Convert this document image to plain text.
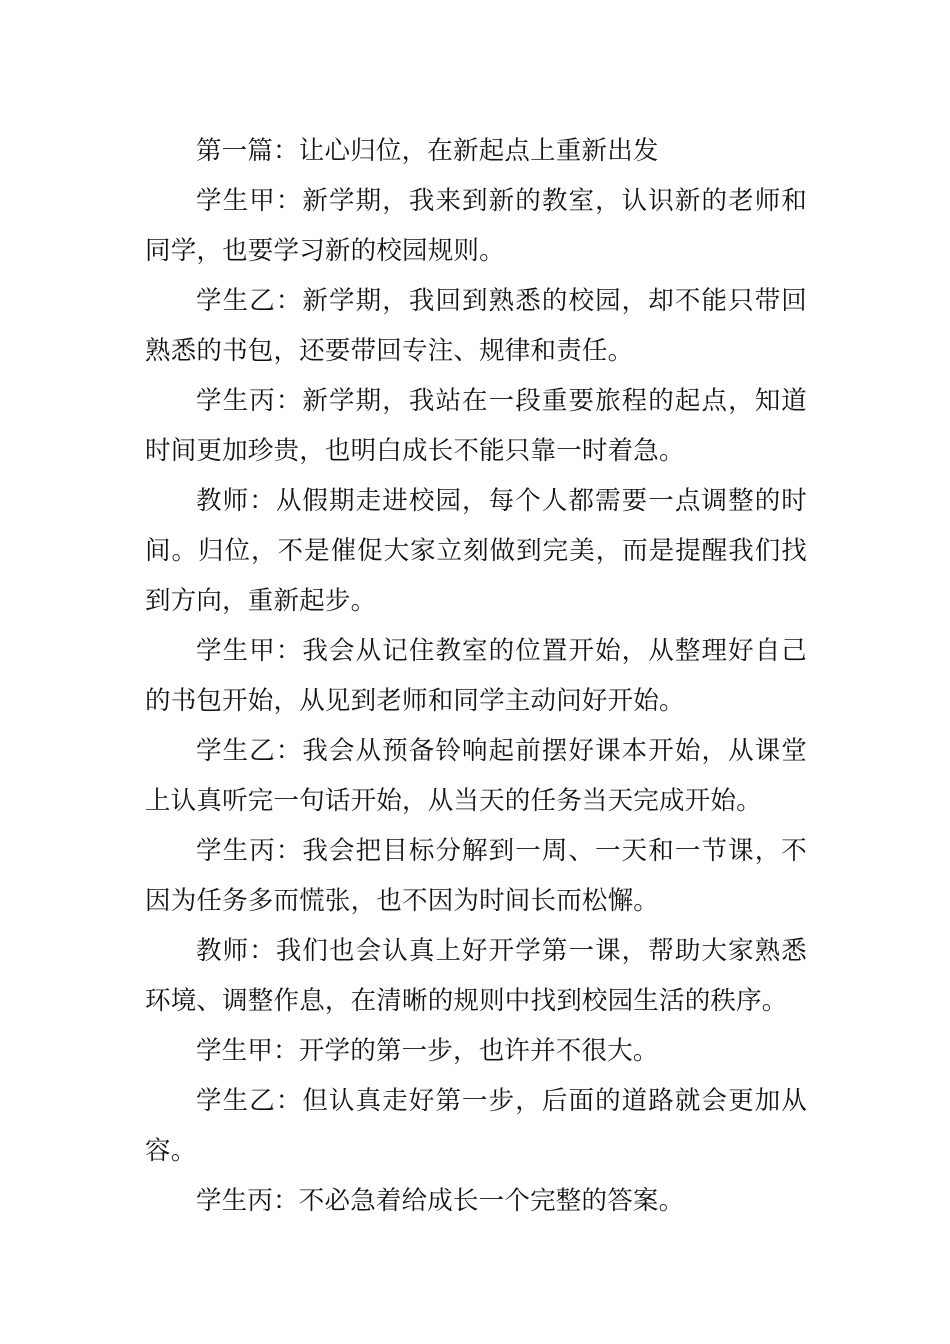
第一篇：让心归位，在新起点上重新出发

学生甲：新学期，我来到新的教室，认识新的老师和同学，也要学习新的校园规则。

学生乙：新学期，我回到熟悉的校园，却不能只带回熟悉的书包，还要带回专注、规律和责任。

学生丙：新学期，我站在一段重要旅程的起点，知道时间更加珍贵，也明白成长不能只靠一时着急。

教师：从假期走进校园，每个人都需要一点调整的时间。归位，不是催促大家立刻做到完美，而是提醒我们找到方向，重新起步。

学生甲：我会从记住教室的位置开始，从整理好自己的书包开始，从见到老师和同学主动问好开始。

学生乙：我会从预备铃响起前摆好课本开始，从课堂上认真听完一句话开始，从当天的任务当天完成开始。

学生丙：我会把目标分解到一周、一天和一节课，不因为任务多而慌张，也不因为时间长而松懈。

教师：我们也会认真上好开学第一课，帮助大家熟悉环境、调整作息，在清晰的规则中找到校园生活的秩序。

学生甲：开学的第一步，也许并不很大。

学生乙：但认真走好第一步，后面的道路就会更加从容。

学生丙：不必急着给成长一个完整的答案。
